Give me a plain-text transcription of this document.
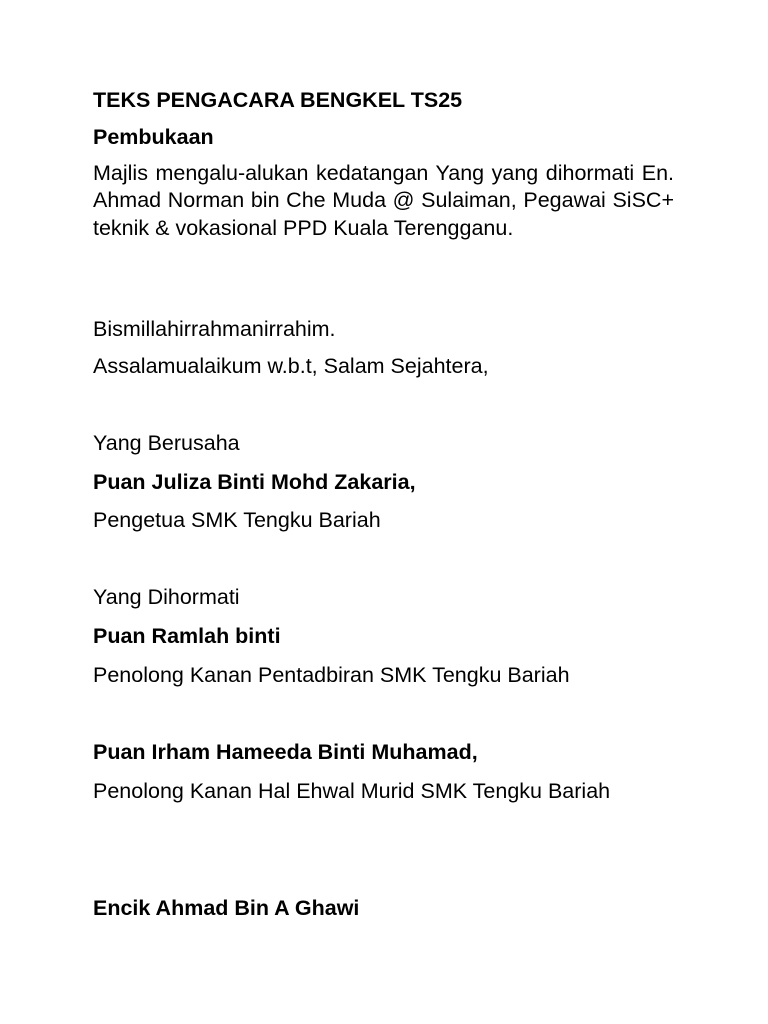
TEKS PENGACARA BENGKEL TS25
Pembukaan
Majlis mengalu-alukan kedatangan Yang yang dihormati En. Ahmad Norman bin Che Muda @ Sulaiman, Pegawai SiSC+ teknik & vokasional PPD Kuala Terengganu.
Bismillahirrahmanirrahim.
Assalamualaikum w.b.t, Salam Sejahtera,
Yang Berusaha
Puan Juliza Binti Mohd Zakaria,
Pengetua SMK Tengku Bariah
Yang Dihormati
Puan Ramlah binti
Penolong Kanan Pentadbiran SMK Tengku Bariah
Puan Irham Hameeda Binti Muhamad,
Penolong Kanan Hal Ehwal Murid SMK Tengku Bariah
Encik Ahmad Bin A Ghawi
